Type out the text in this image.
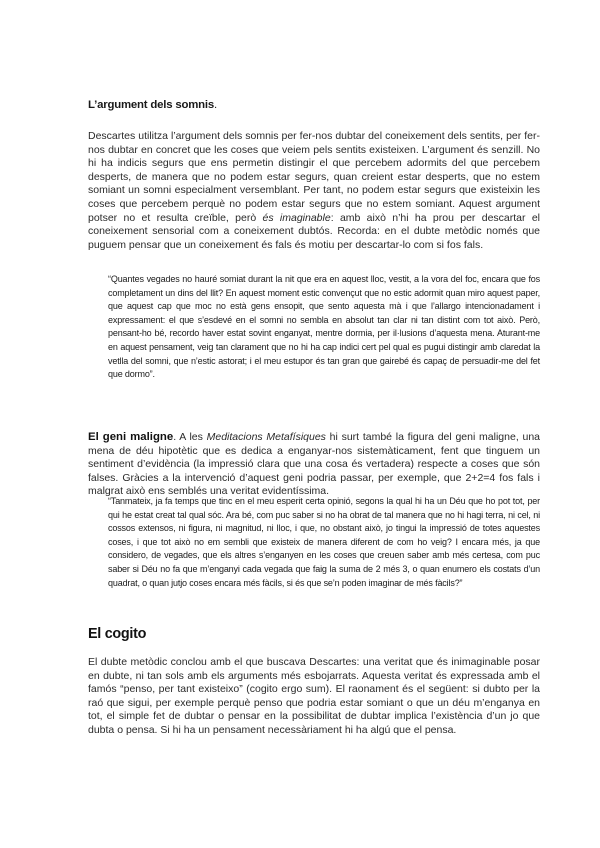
L’argument dels somnis.

Descartes utilitza l’argument dels somnis per fer-nos dubtar del coneixement dels sentits, per fer-nos dubtar en concret que les coses que veiem pels sentits existeixen. L’argument és senzill. No hi ha indicis segurs que ens permetin distingir el que percebem adormits del que percebem desperts, de manera que no podem estar segurs, quan creient estar desperts, que no estem somiant un somni especialment versemblant. Per tant, no podem estar segurs que existeixin les coses que percebem perquè no podem estar segurs que no estem somiant. Aquest argument potser no et resulta creïble, però és imaginable: amb això n’hi ha prou per descartar el coneixement sensorial com a coneixement dubtós. Recorda: en el dubte metòdic només que puguem pensar que un coneixement és fals és motiu per descartar-lo com si fos fals.

“Quantes vegades no hauré somiat durant la nit que era en aquest lloc, vestit, a la vora del foc, encara que fos completament un dins del llit? En aquest moment estic convençut que no estic adormit quan miro aquest paper, que aquest cap que moc no està gens ensopit, que sento aquesta mà i que l’allargo intencionadament i expressament: el que s’esdevé en el somni no sembla en absolut tan clar ni tan distint com tot això. Però, pensant-ho bé, recordo haver estat sovint enganyat, mentre dormia, per il·lusions d’aquesta mena. Aturant-me en aquest pensament, veig tan clarament que no hi ha cap indici cert pel qual es pugui distingir amb claredat la vetlla del somni, que n’estic astorat; i el meu estupor és tan gran que gairebé és capaç de persuadir-me del fet que dormo”.

El geni maligne. A les Meditacions Metafísiques hi surt també la figura del geni maligne, una mena de déu hipotètic que es dedica a enganyar-nos sistemàticament, fent que tinguem un sentiment d’evidència (la impressió clara que una cosa és vertadera) respecte a coses que són falses. Gràcies a la intervenció d’aquest geni podria passar, per exemple, que 2+2=4 fos fals i malgrat això ens semblés una veritat evidentíssima.

“Tanmateix, ja fa temps que tinc en el meu esperit certa opinió, segons la qual hi ha un Déu que ho pot tot, per qui he estat creat tal qual sóc. Ara bé, com puc saber si no ha obrat de tal manera que no hi hagi terra, ni cel, ni cossos extensos, ni figura, ni magnitud, ni lloc, i que, no obstant això, jo tingui la impressió de totes aquestes coses, i que tot això no em sembli que existeix de manera diferent de com ho veig? I encara més, ja que considero, de vegades, que els altres s’enganyen en les coses que creuen saber amb més certesa, com puc saber si Déu no fa que m’enganyi cada vegada que faig la suma de 2 més 3, o quan enumero els costats d’un quadrat, o quan jutjo coses encara més fàcils, si és que se’n poden imaginar de més fàcils?”

El cogito

El dubte metòdic conclou amb el que buscava Descartes: una veritat que és inimaginable posar en dubte, ni tan sols amb els arguments més esbojarrats. Aquesta veritat és expressada amb el famós “penso, per tant existeixo” (cogito ergo sum). El raonament és el següent: si dubto per la raó que sigui, per exemple perquè penso que podria estar somiant o que un déu m’enganya en tot, el simple fet de dubtar o pensar en la possibilitat de dubtar implica l’existència d’un jo que dubta o pensa. Si hi ha un pensament necessàriament hi ha algú que el pensa.
